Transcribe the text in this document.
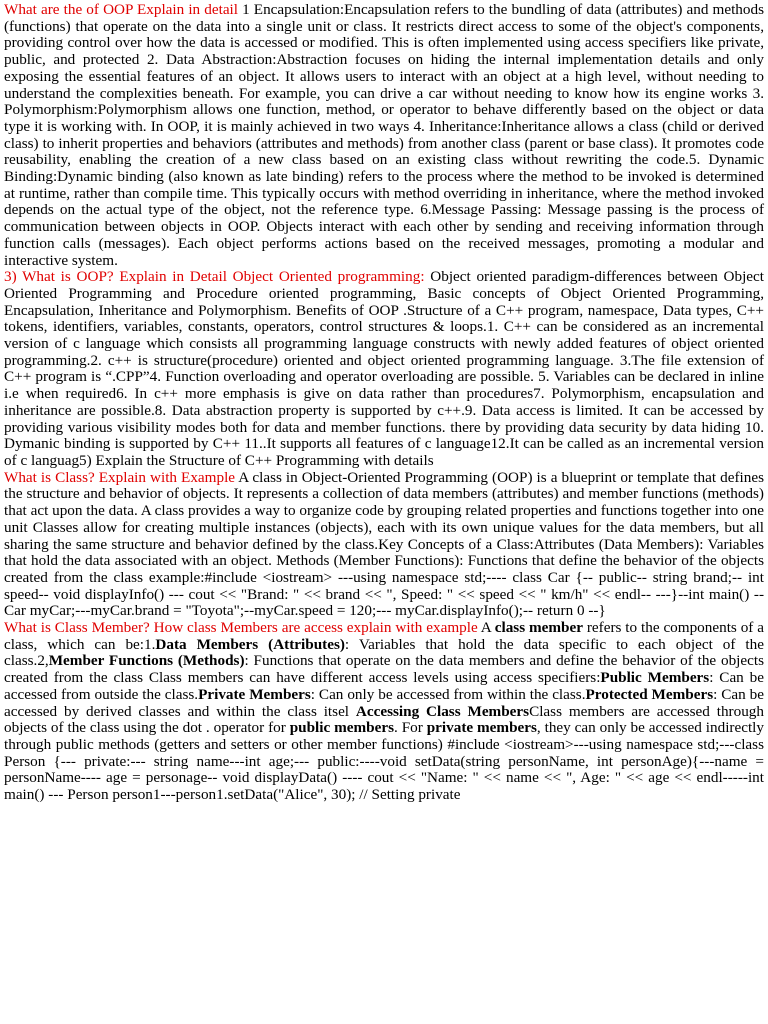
What are the of OOP Explain in detail 1 Encapsulation:Encapsulation refers to the bundling of data (attributes) and methods (functions) that operate on the data into a single unit or class. It restricts direct access to some of the object's components, providing control over how the data is accessed or modified. This is often implemented using access specifiers like private, public, and protected 2. Data Abstraction:Abstraction focuses on hiding the internal implementation details and only exposing the essential features of an object. It allows users to interact with an object at a high level, without needing to understand the complexities beneath. For example, you can drive a car without needing to know how its engine works 3. Polymorphism:Polymorphism allows one function, method, or operator to behave differently based on the object or data type it is working with. In OOP, it is mainly achieved in two ways 4. Inheritance:Inheritance allows a class (child or derived class) to inherit properties and behaviors (attributes and methods) from another class (parent or base class). It promotes code reusability, enabling the creation of a new class based on an existing class without rewriting the code.5. Dynamic Binding:Dynamic binding (also known as late binding) refers to the process where the method to be invoked is determined at runtime, rather than compile time. This typically occurs with method overriding in inheritance, where the method invoked depends on the actual type of the object, not the reference type. 6.Message Passing: Message passing is the process of communication between objects in OOP. Objects interact with each other by sending and receiving information through function calls (messages). Each object performs actions based on the received messages, promoting a modular and interactive system.

3) What is OOP? Explain in Detail Object Oriented programming: Object oriented paradigm-differences between Object Oriented Programming and Procedure oriented programming, Basic concepts of Object Oriented Programming, Encapsulation, Inheritance and Polymorphism. Benefits of OOP .Structure of a C++ program, namespace, Data types, C++ tokens, identifiers, variables, constants, operators, control structures & loops.1. C++ can be considered as an incremental version of c language which consists all programming language constructs with newly added features of object oriented programming.2. c++ is structure(procedure) oriented and object oriented programming language. 3.The file extension of C++ program is “.CPP”4. Function overloading and operator overloading are possible. 5. Variables can be declared in inline i.e when required6. In c++ more emphasis is give on data rather than procedures7. Polymorphism, encapsulation and inheritance are possible.8. Data abstraction property is supported by c++.9. Data access is limited. It can be accessed by providing various visibility modes both for data and member functions. there by providing data security by data hiding 10. Dymanic binding is supported by C++ 11..It supports all features of c language12.It can be called as an incremental version of c languag5) Explain the Structure of C++ Programming with details

What is Class? Explain with Example A class in Object-Oriented Programming (OOP) is a blueprint or template that defines the structure and behavior of objects. It represents a collection of data members (attributes) and member functions (methods) that act upon the data. A class provides a way to organize code by grouping related properties and functions together into one unit Classes allow for creating multiple instances (objects), each with its own unique values for the data members, but all sharing the same structure and behavior defined by the class.Key Concepts of a Class:Attributes (Data Members): Variables that hold the data associated with an object. Methods (Member Functions): Functions that define the behavior of the objects created from the class example:#include <iostream> ---using namespace std;---- class Car {-- public-- string brand;-- int speed-- void displayInfo() --- cout << "Brand: " << brand << ", Speed: " << speed << " km/h" << endl-- ---}--int main() -- Car myCar;---myCar.brand = "Toyota";--myCar.speed = 120;--- myCar.displayInfo();-- return 0 --}

What is Class Member? How class Members are access explain with example A class member refers to the components of a class, which can be:1.Data Members (Attributes): Variables that hold the data specific to each object of the class.2,Member Functions (Methods): Functions that operate on the data members and define the behavior of the objects created from the class Class members can have different access levels using access specifiers:Public Members: Can be accessed from outside the class.Private Members: Can only be accessed from within the class.Protected Members: Can be accessed by derived classes and within the class itsel Accessing Class MembersClass members are accessed through objects of the class using the dot . operator for public members. For private members, they can only be accessed indirectly through public methods (getters and setters or other member functions) #include <iostream>---using namespace std;---class Person {--- private:--- string name---int age;--- public:----void setData(string personName, int personAge){---name = personName---- age = personage-- void displayData() ---- cout << "Name: " << name << ", Age: " << age << endl-----int main() --- Person person1---person1.setData("Alice", 30); // Setting private
